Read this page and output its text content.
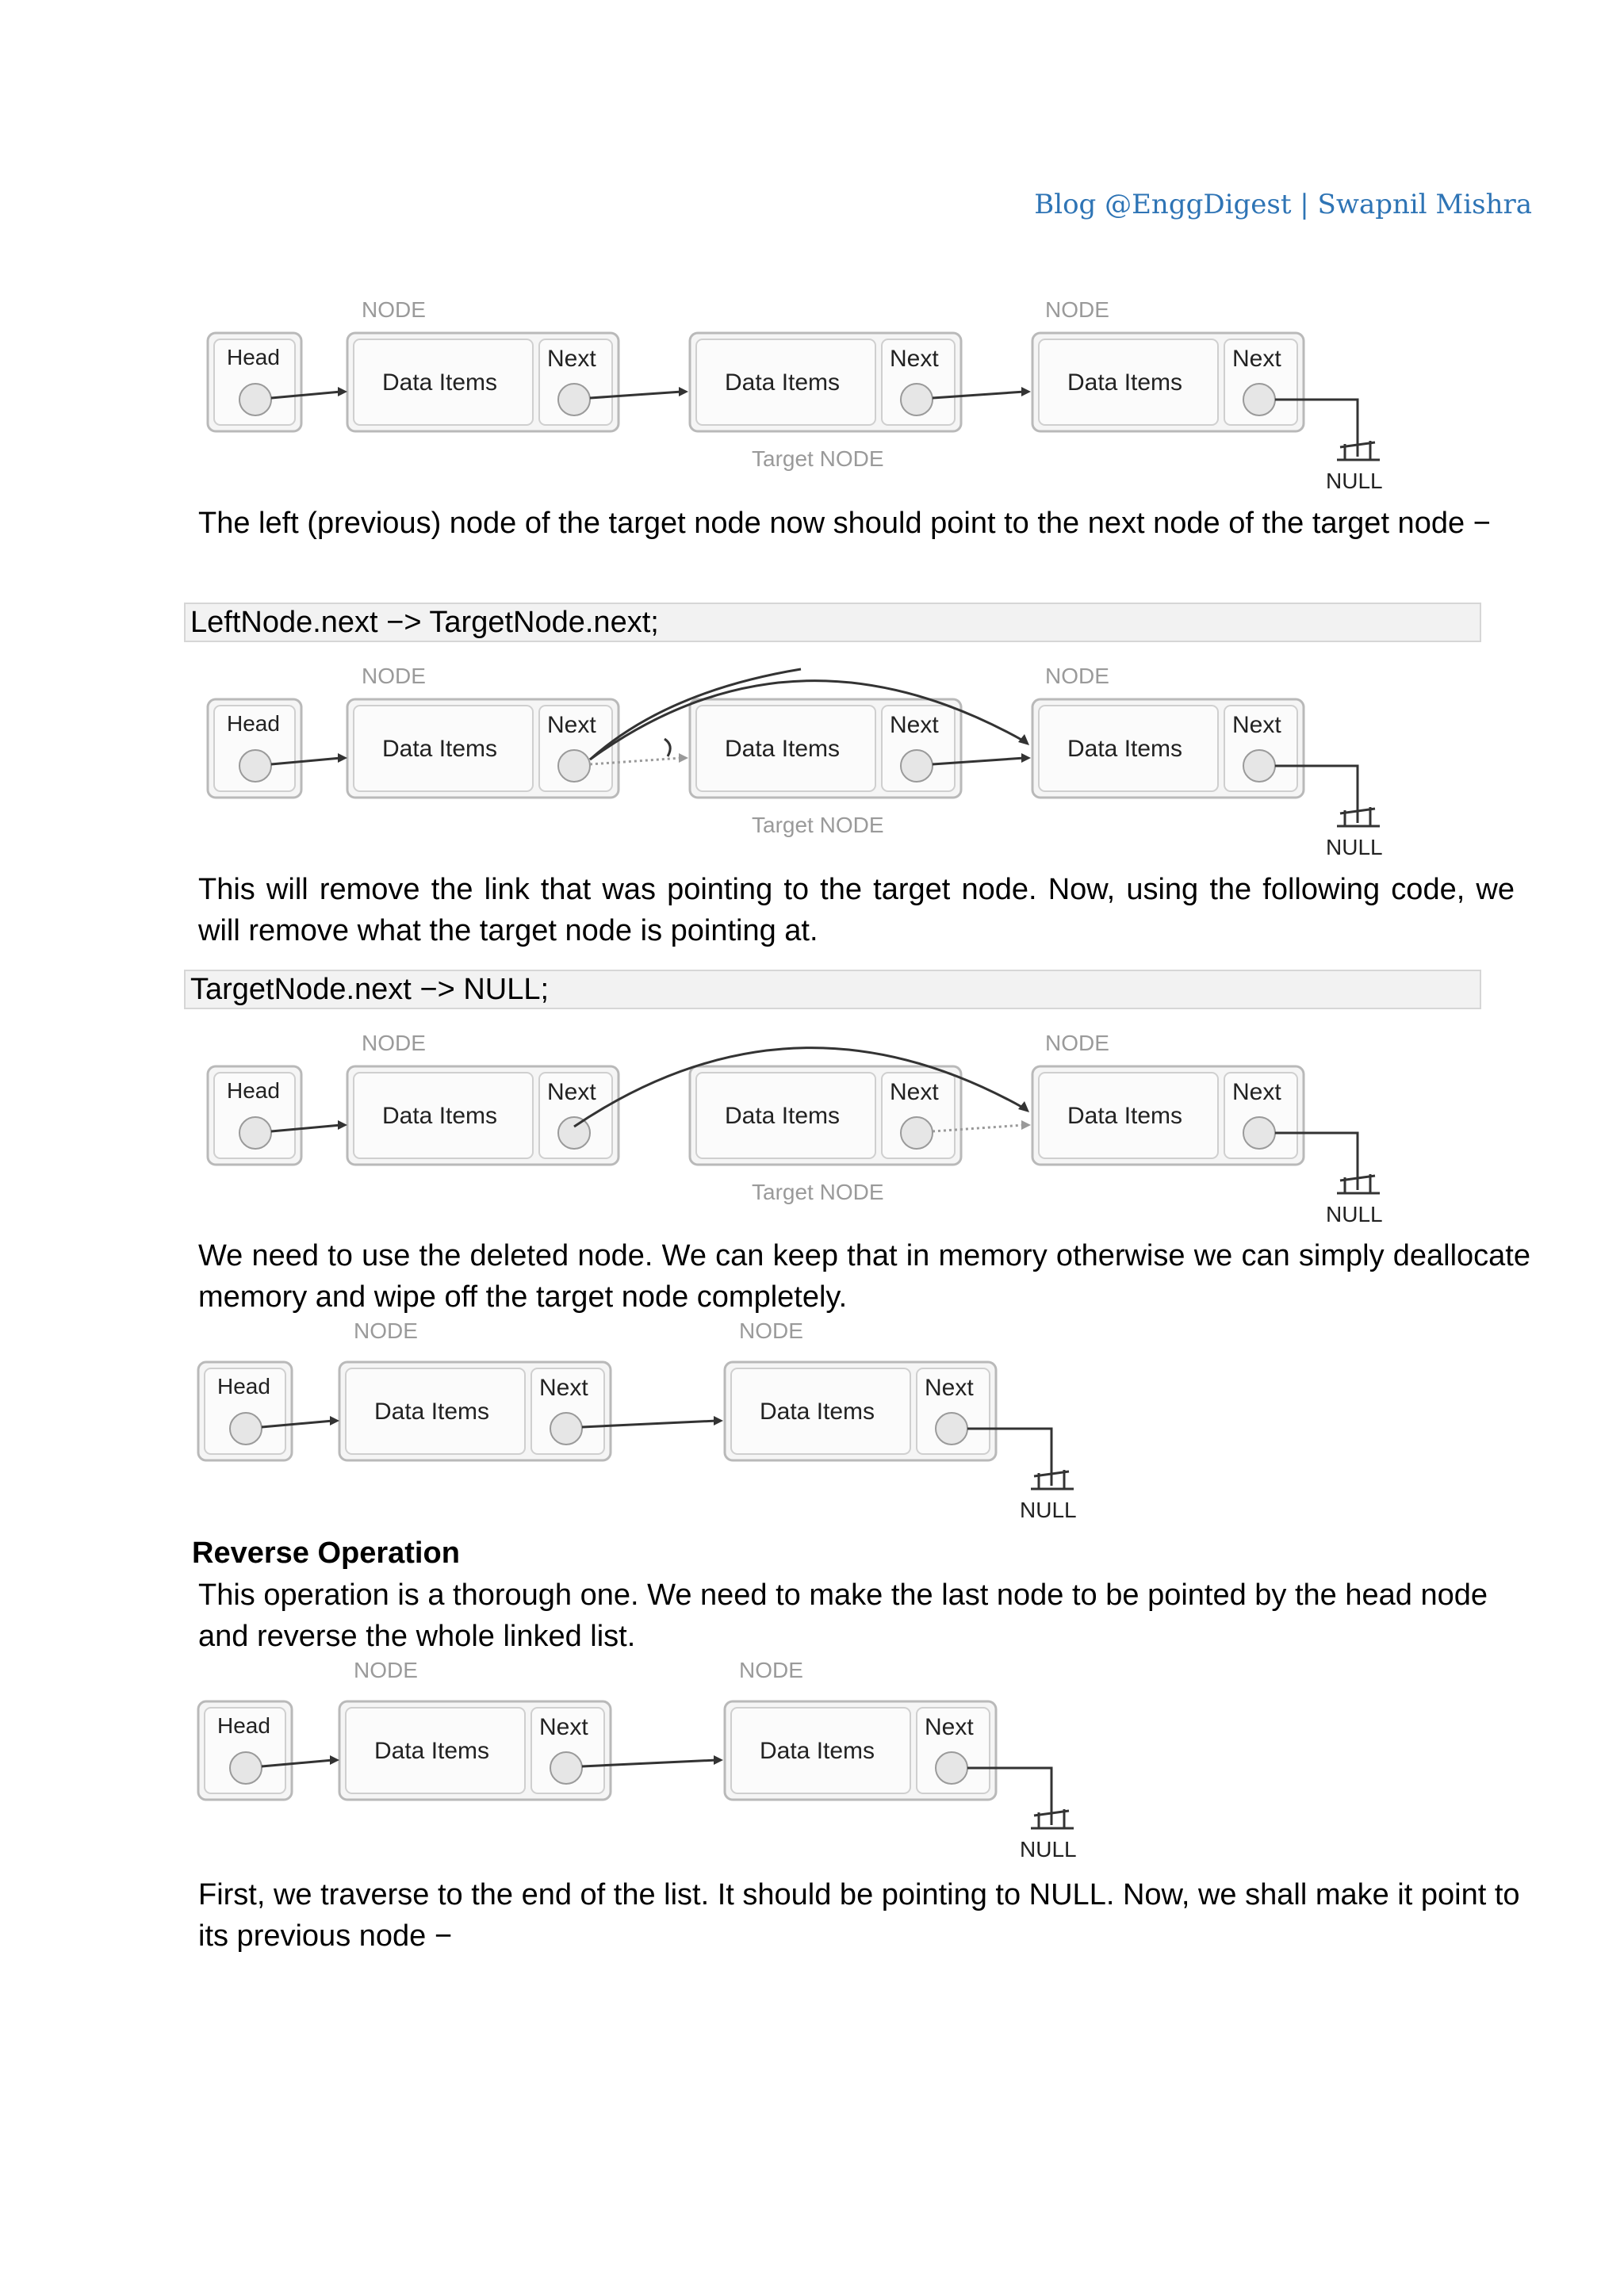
Blog @EnggDigest | Swapnil Mishra
Head
NODE
Data Items
Next
Data Items
Next
Target NODE
NODE
Data Items
Next
NULL

The left (previous) node of the target node now should point to the next node of the target node −

LeftNode.next −> TargetNode.next;
Head
NODE
Data Items
Next
Data Items
Next
Target NODE
NODE
Data Items
Next
NULL

This will remove the link that was pointing to the target node. Now, using the following code, we will remove what the target node is pointing at.

TargetNode.next −> NULL;
Head
NODE
Data Items
Next
Data Items
Next
Target NODE
NODE
Data Items
Next
NULL

We need to use the deleted node. We can keep that in memory otherwise we can simply deallocate memory and wipe off the target node completely.

Head
NODE
Data Items
Next
NODE
Data Items
Next
NULL

Reverse Operation

This operation is a thorough one. We need to make the last node to be pointed by the head node and reverse the whole linked list.

Head
NODE
Data Items
Next
NODE
Data Items
Next
NULL

First, we traverse to the end of the list. It should be pointing to NULL. Now, we shall make it point to its previous node −
